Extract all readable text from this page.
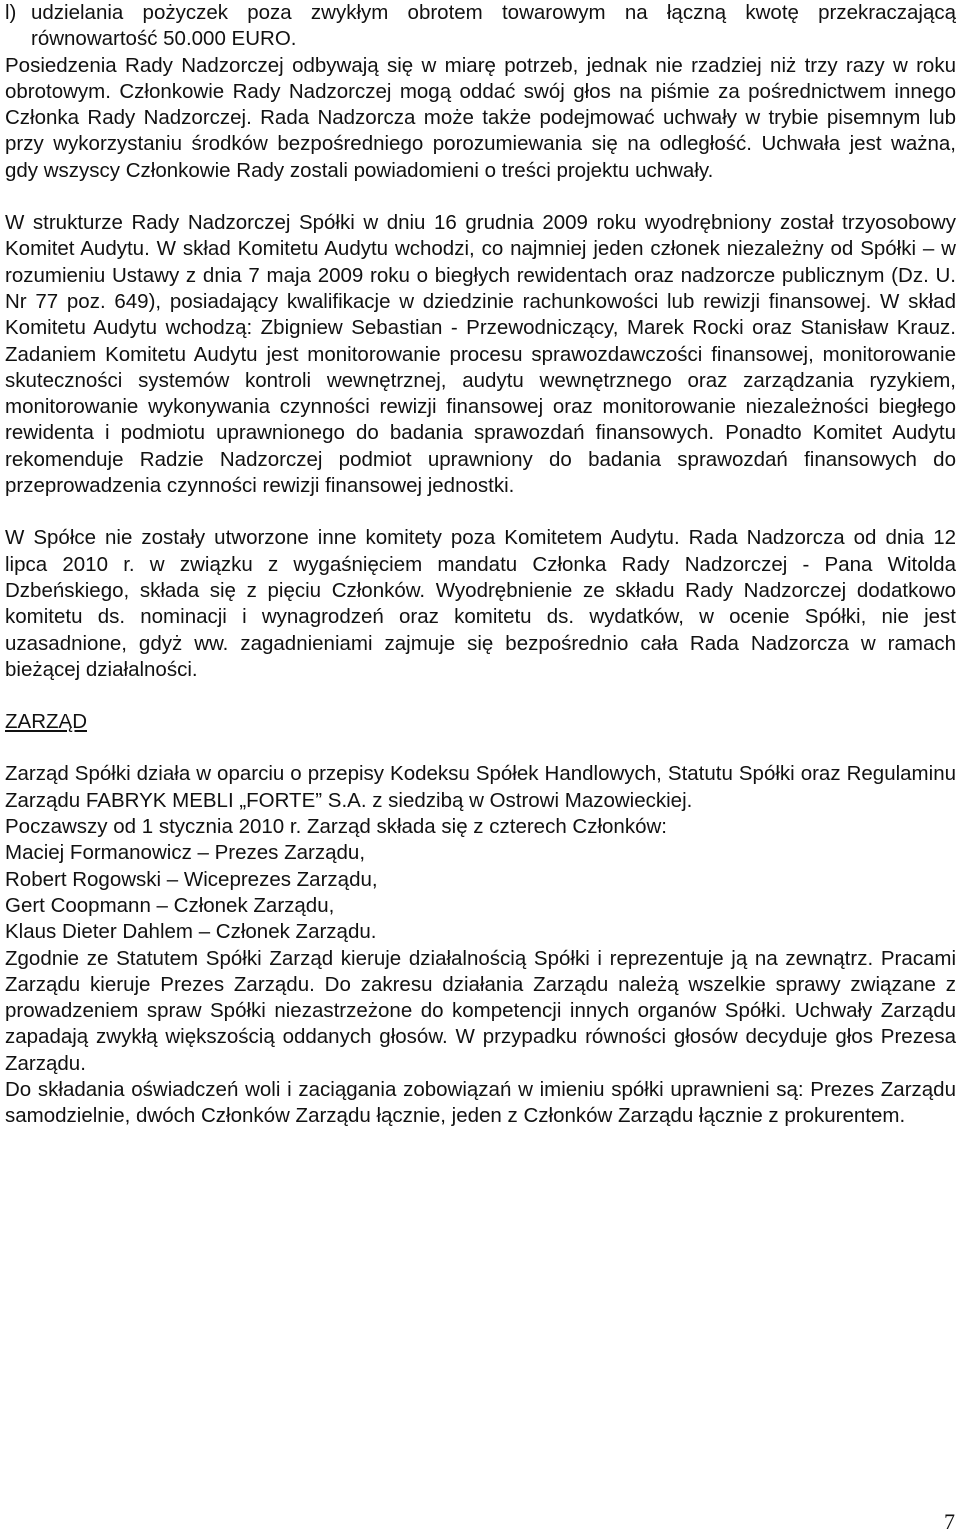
l) udzielania pożyczek poza zwykłym obrotem towarowym na łączną kwotę przekraczającą równowartość 50.000 EURO.

Posiedzenia Rady Nadzorczej odbywają się w miarę potrzeb, jednak nie rzadziej niż trzy razy w roku obrotowym. Członkowie Rady Nadzorczej mogą oddać swój głos na piśmie za pośrednictwem innego Członka Rady Nadzorczej. Rada Nadzorcza może także podejmować uchwały w trybie pisemnym lub przy wykorzystaniu środków bezpośredniego porozumiewania się na odległość. Uchwała jest ważna, gdy wszyscy Członkowie Rady zostali powiadomieni o treści projektu uchwały.

W strukturze Rady Nadzorczej Spółki w dniu 16 grudnia 2009 roku wyodrębniony został trzyosobowy Komitet Audytu. W skład Komitetu Audytu wchodzi, co najmniej jeden członek niezależny od Spółki – w rozumieniu Ustawy z dnia 7 maja 2009 roku o biegłych rewidentach oraz nadzorcze publicznym (Dz. U. Nr 77 poz. 649), posiadający kwalifikacje w dziedzinie rachunkowości lub rewizji finansowej. W skład Komitetu Audytu wchodzą: Zbigniew Sebastian - Przewodniczący, Marek Rocki oraz Stanisław Krauz. Zadaniem Komitetu Audytu jest monitorowanie procesu sprawozdawczości finansowej, monitorowanie skuteczności systemów kontroli wewnętrznej, audytu wewnętrznego oraz zarządzania ryzykiem, monitorowanie wykonywania czynności rewizji finansowej oraz monitorowanie niezależności biegłego rewidenta i podmiotu uprawnionego do badania sprawozdań finansowych. Ponadto Komitet Audytu rekomenduje Radzie Nadzorczej podmiot uprawniony do badania sprawozdań finansowych do przeprowadzenia czynności rewizji finansowej jednostki.

W Spółce nie zostały utworzone inne komitety poza Komitetem Audytu. Rada Nadzorcza od dnia 12 lipca 2010 r. w związku z wygaśnięciem mandatu Członka Rady Nadzorczej - Pana Witolda Dzbeńskiego, składa się z pięciu Członków. Wyodrębnienie ze składu Rady Nadzorczej dodatkowo komitetu ds. nominacji i wynagrodzeń oraz komitetu ds. wydatków, w ocenie Spółki, nie jest uzasadnione, gdyż ww. zagadnieniami zajmuje się bezpośrednio cała Rada Nadzorcza w ramach bieżącej działalności.

ZARZĄD

Zarząd Spółki działa w oparciu o przepisy Kodeksu Spółek Handlowych, Statutu Spółki oraz Regulaminu Zarządu FABRYK MEBLI „FORTE” S.A. z siedzibą w Ostrowi Mazowieckiej.

Poczawszy od 1 stycznia 2010 r. Zarząd składa się z czterech Członków:

Maciej Formanowicz – Prezes Zarządu,

Robert Rogowski – Wiceprezes Zarządu,

Gert Coopmann – Członek Zarządu,

Klaus Dieter Dahlem – Członek Zarządu.

Zgodnie ze Statutem Spółki Zarząd kieruje działalnością Spółki i reprezentuje ją na zewnątrz. Pracami Zarządu kieruje Prezes Zarządu. Do zakresu działania Zarządu należą wszelkie sprawy związane z prowadzeniem spraw Spółki niezastrzeżone do kompetencji innych organów Spółki. Uchwały Zarządu zapadają zwykłą większością oddanych głosów. W przypadku równości głosów decyduje głos Prezesa Zarządu.

Do składania oświadczeń woli i zaciągania zobowiązań w imieniu spółki uprawnieni są: Prezes Zarządu samodzielnie, dwóch Członków Zarządu łącznie, jeden z Członków Zarządu łącznie z prokurentem.

7
